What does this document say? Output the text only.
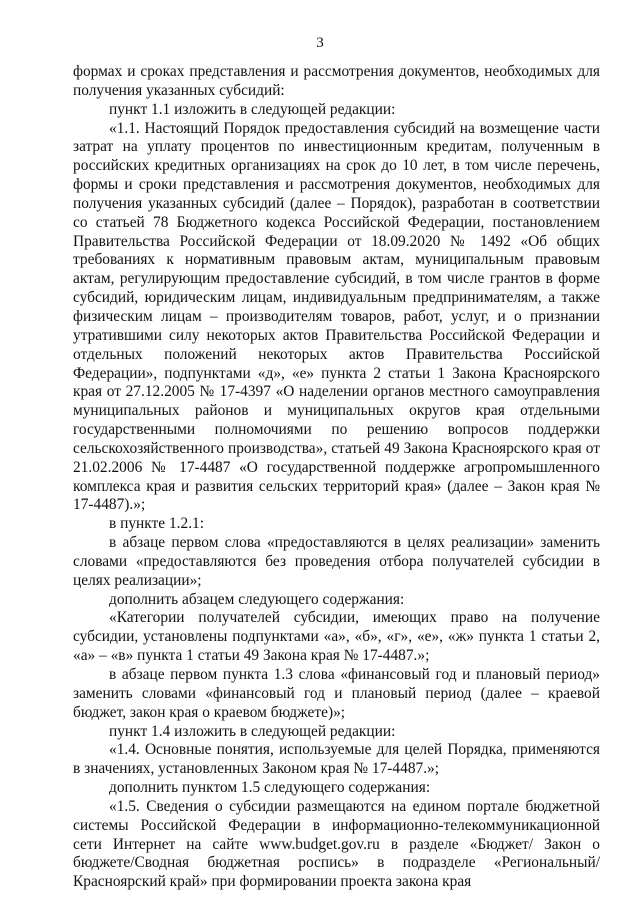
3

формах и сроках представления и рассмотрения документов, необходимых для получения указанных субсидий:

пункт 1.1 изложить в следующей редакции:

«1.1. Настоящий Порядок предоставления субсидий на возмещение части затрат на уплату процентов по инвестиционным кредитам, полученным в российских кредитных организациях на срок до 10 лет, в том числе перечень, формы и сроки представления и рассмотрения документов, необходимых для получения указанных субсидий (далее – Порядок), разработан в соответствии со статьей 78 Бюджетного кодекса Российской Федерации, постановлением Правительства Российской Федерации от 18.09.2020 № 1492 «Об общих требованиях к нормативным правовым актам, муниципальным правовым актам, регулирующим предоставление субсидий, в том числе грантов в форме субсидий, юридическим лицам, индивидуальным предпринимателям, а также физическим лицам – производителям товаров, работ, услуг, и о признании утратившими силу некоторых актов Правительства Российской Федерации и отдельных положений некоторых актов Правительства Российской Федерации», подпунктами «д», «е» пункта 2 статьи 1 Закона Красноярского края от 27.12.2005 № 17-4397 «О наделении органов местного самоуправления муниципальных районов и муниципальных округов края отдельными государственными полномочиями по решению вопросов поддержки сельскохозяйственного производства», статьей 49 Закона Красноярского края от 21.02.2006 № 17-4487 «О государственной поддержке агропромышленного комплекса края и развития сельских территорий края» (далее – Закон края № 17-4487).»;

в пункте 1.2.1:

в абзаце первом слова «предоставляются в целях реализации» заменить словами «предоставляются без проведения отбора получателей субсидии в целях реализации»;

дополнить абзацем следующего содержания:

«Категории получателей субсидии, имеющих право на получение субсидии, установлены подпунктами «а», «б», «г», «е», «ж» пункта 1 статьи 2, «а» – «в» пункта 1 статьи 49 Закона края № 17-4487.»;

в абзаце первом пункта 1.3 слова «финансовый год и плановый период» заменить словами «финансовый год и плановый период (далее – краевой бюджет, закон края о краевом бюджете)»;

пункт 1.4 изложить в следующей редакции:

«1.4. Основные понятия, используемые для целей Порядка, применяются в значениях, установленных Законом края № 17-4487.»;

дополнить пунктом 1.5 следующего содержания:

«1.5. Сведения о субсидии размещаются на едином портале бюджетной системы Российской Федерации в информационно-телекоммуникационной сети Интернет на сайте www.budget.gov.ru в разделе «Бюджет/ Закон о бюджете/Сводная бюджетная роспись» в подразделе «Региональный/Красноярский край» при формировании проекта закона края
